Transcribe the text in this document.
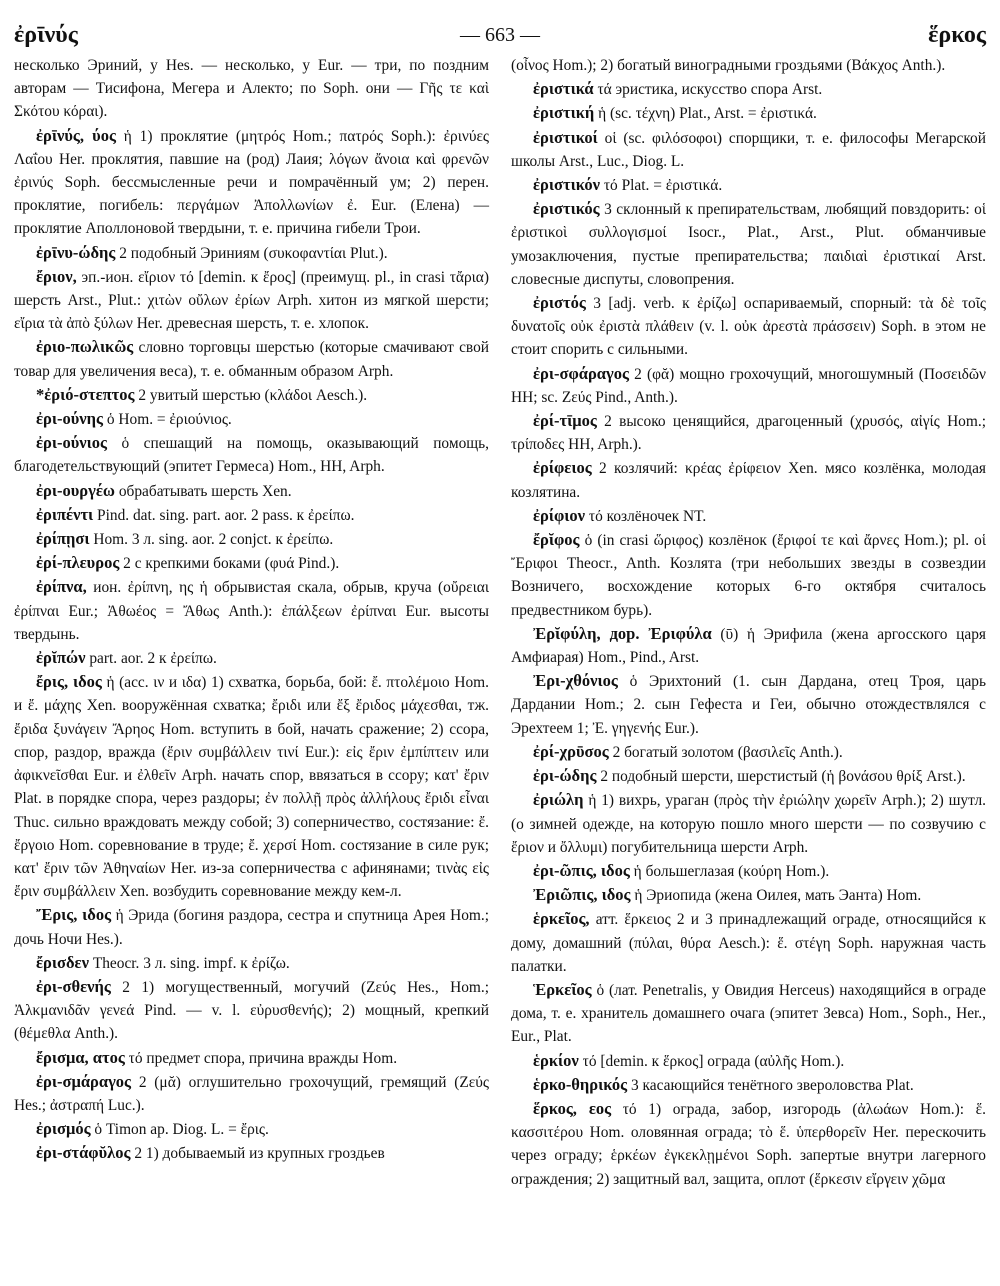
ἐρῑνύς	— 663 —	ἕρκος

несколько Эриний, у Hes. — несколько, у Eur. — три, по поздним авторам — Тисифона, Мегера и Алекто; по Soph. они — Γῆς τε καὶ Σκότου κόραι).

ἐρῑνύς, ύος ἡ 1) проклятие (μητρός Hom.; πατρός Soph.): ἐρινύες Λαΐου Her. проклятия, павшие на (род) Лаия; λόγων ἄνοια καὶ φρενῶν ἐρινύς Soph. бессмысленные речи и помрачённый ум; 2) перен. проклятие, погибель: περγάμων Ἀπολλωνίων ἐ. Eur. (Елена) — проклятие Аполлоновой твердыни, т. е. причина гибели Трои.

ἐρῑνυ-ώδης 2 подобный Эриниям (συκοφαντίαι Plut.).

ἔριον, эп.-ион. εἴριον τό [demin. к ἔρος] (преимущ. pl., in crasi τἄρια) шерсть Arst., Plut.: χιτὼν οὔλων ἐρίων Arph. хитон из мягкой шерсти; εἴρια τὰ ἀπὸ ξύλων Her. древесная шерсть, т. е. хлопок.

ἐριο-πωλικῶς словно торговцы шерстью (которые смачивают свой товар для увеличения веса), т. е. обманным образом Arph.

*ἐριό-στεπτος 2 увитый шерстью (κλάδοι Aesch.).

ἐρι-ούνης ὁ Hom. = ἐριούνιος.

ἐρι-ούνιος ὁ спешащий на помощь, оказывающий помощь, благодетельствующий (эпитет Гермеса) Hom., HH, Arph.

ἐρι-ουργέω обрабатывать шерсть Xen.

ἐριπέντι Pind. dat. sing. part. aor. 2 pass. к ἐρείπω.

ἐρίπῃσι Hom. 3 л. sing. aor. 2 conjct. к ἐρείπω.

ἐρί-πλευρος 2 с крепкими боками (φυά Pind.).

ἐρίπνα, ион. ἐρίπνη, ης ἡ обрывистая скала, обрыв, круча (οὔρειαι ἐρίπναι Eur.; Ἀθωέος = Ἄθως Anth.): ἐπάλξεων ἐρίπναι Eur. высоты твердынь.

ἐρῐπών part. aor. 2 к ἐρείπω.

ἔρις, ιδος ἡ (acc. ιν и ιδα) 1) схватка, борьба, бой: ἔ. πτολέμοιο Hom. и ἔ. μάχης Xen. вооружённая схватка; ἔριδι или ἔξ ἔριδος μάχεσθαι, тж. ἔριδα ξυνάγειν Ἄρηος Hom. вступить в бой, начать сражение; 2) ссора, спор, раздор, вражда (ἔριν συμβάλλειν τινί Eur.): εἰς ἔριν ἐμπίπτειν или ἀφικνεῖσθαι Eur. и ἐλθεῖν Arph. начать спор, ввязаться в ссору; κατ' ἔριν Plat. в порядке спора, через раздоры; ἐν πολλῇ πρὸς ἀλλήλους ἔριδι εἶναι Thuc. сильно враждовать между собой; 3) соперничество, состязание: ἔ. ἔργοιο Hom. соревнование в труде; ἔ. χερσί Hom. состязание в силе рук; κατ' ἔριν τῶν Ἀθηναίων Her. из-за соперничества с афинянами; τινὰς εἰς ἔριν συμβάλλειν Xen. возбудить соревнование между кем-л.

Ἔρις, ιδος ἡ Эрида (богиня раздора, сестра и спутница Арея Hom.; дочь Ночи Hes.).

ἔρισδεν Theocr. 3 л. sing. impf. к ἐρίζω.

ἐρι-σθενής 2 1) могущественный, могучий (Ζεύς Hes., Hom.; Ἀλκμανιδᾶν γενεά Pind. — v. l. εὐρυσθενής); 2) мощный, крепкий (θέμεθλα Anth.).

ἔρισμα, ατος τό предмет спора, причина вражды Hom.

ἐρι-σμάραγος 2 (μᾰ) оглушительно грохочущий, гремящий (Ζεύς Hes.; ἀστραπή Luc.).

ἐρισμός ὁ Timon ap. Diog. L. = ἔρις.

ἐρι-στάφῠλος 2 1) добываемый из крупных гроздьев

(οἶνος Hom.); 2) богатый виноградными гроздьями (Βάκχος Anth.).

ἐριστικά τά эристика, искусство спора Arst.

ἐριστική ἡ (sc. τέχνη) Plat., Arst. = ἐριστικά.

ἐριστικοί οἱ (sc. φιλόσοφοι) спорщики, т. е. философы Мегарской школы Arst., Luc., Diog. L.

ἐριστικόν τό Plat. = ἐριστικά.

ἐριστικός 3 склонный к препирательствам, любящий повздорить: οἱ ἐριστικοὶ συλλογισμοί Isocr., Plat., Arst., Plut. обманчивые умозаключения, пустые препирательства; παιδιαὶ ἐριστικαί Arst. словесные диспуты, словопрения.

ἐριστός 3 [adj. verb. к ἐρίζω] оспариваемый, спорный: τὰ δὲ τοῖς δυνατοῖς οὐκ ἐριστὰ πλάθειν (v. l. οὐκ ἀρεστὰ πράσσειν) Soph. в этом не стоит спорить с сильными.

ἐρι-σφάραγος 2 (φᾰ) мощно грохочущий, многошумный (Ποσειδῶν HH; sc. Ζεύς Pind., Anth.).

ἐρί-τῑμος 2 высоко ценящийся, драгоценный (χρυσός, αἰγίς Hom.; τρίποδες HH, Arph.).

ἐρίφειος 2 козлячий: κρέας ἐρίφειον Xen. мясо козлёнка, молодая козлятина.

ἐρίφιον τό козлёночек NT.

ἔρῐφος ὁ (in crasi ὥριφος) козлёнок (ἔριφοί τε καὶ ἄρνες Hom.); pl. οἱ Ἔριφοι Theocr., Anth. Козлята (три небольших звезды в созвездии Возничего, восхождение которых 6-го октября считалось предвестником бурь).

Ἐρῐφύλη, дор. Ἐριφύλα (ῡ) ἡ Эрифила (жена аргосского царя Амфиарая) Hom., Pind., Arst.

Ἐρι-χθόνιος ὁ Эрихтоний (1. сын Дардана, отец Троя, царь Дардании Hom.; 2. сын Гефеста и Геи, обычно отождествлялся с Эрехтеем 1; Ἐ. γηγενής Eur.).

ἐρί-χρῡσος 2 богатый золотом (βασιλεῖς Anth.).

ἐρι-ώδης 2 подобный шерсти, шерстистый (ἡ βονάσου θρίξ Arst.).

ἐριώλη ἡ 1) вихрь, ураган (πρὸς τὴν ἐριώλην χωρεῖν Arph.); 2) шутл. (о зимней одежде, на которую пошло много шерсти — по созвучию с ἔριον и ὄλλυμι) погубительница шерсти Arph.

ἐρι-ῶπις, ιδος ἡ большеглазая (κούρη Hom.).

Ἐριῶπις, ιδος ἡ Эриопида (жена Оилея, мать Эанта) Hom.

ἑρκεῖος, атт. ἕρκειος 2 и 3 принадлежащий ограде, относящийся к дому, домашний (πύλαι, θύρα Aesch.): ἕ. στέγη Soph. наружная часть палатки.

Ἑρκεῖος ὁ (лат. Penetralis, у Овидия Herceus) находящийся в ограде дома, т. е. хранитель домашнего очага (эпитет Зевса) Hom., Soph., Her., Eur., Plat.

ἑρκίον τό [demin. к ἕρκος] ограда (αὐλῆς Hom.).

ἑρκο-θηρικός 3 касающийся тенётного звероловства Plat.

ἕρκος, εος τό 1) ограда, забор, изгородь (ἀλωάων Hom.): ἕ. κασσιτέρου Hom. оловянная ограда; τὸ ἕ. ὑπερθορεῖν Her. перескочить через ограду; ἑρκέων ἐγκεκλῃμένοι Soph. запертые внутри лагерного ограждения; 2) защитный вал, защита, оплот (ἕρκεσιν εἴργειν χῶμα
